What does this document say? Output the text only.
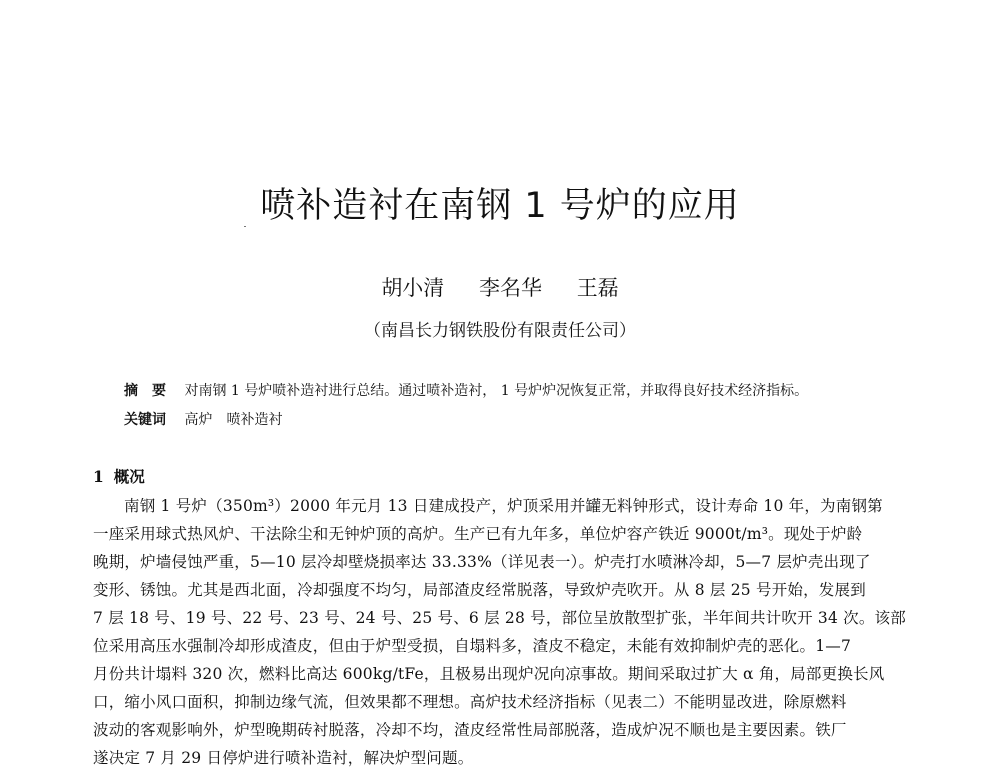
喷补造衬在南钢 1 号炉的应用
胡小清 李名华 王磊
（南昌长力钢铁股份有限责任公司）
摘要 对南钢 1 号炉喷补造衬进行总结。通过喷补造衬， 1 号炉炉况恢复正常，并取得良好技术经济指标。
关键词 高炉　喷补造衬
1 概况
南钢 1 号炉（350m³）2000 年元月 13 日建成投产，炉顶采用并罐无料钟形式，设计寿命 10 年，为南钢第
一座采用球式热风炉、干法除尘和无钟炉顶的高炉。生产已有九年多，单位炉容产铁近 9000t/m³。现处于炉龄
晚期，炉墙侵蚀严重，5—10 层冷却壁烧损率达 33.33%（详见表一）。炉壳打水喷淋冷却，5—7 层炉壳出现了
变形、锈蚀。尤其是西北面，冷却强度不均匀，局部渣皮经常脱落，导致炉壳吹开。从 8 层 25 号开始，发展到
7 层 18 号、19 号、22 号、23 号、24 号、25 号、6 层 28 号，部位呈放散型扩张，半年间共计吹开 34 次。该部
位采用高压水强制冷却形成渣皮，但由于炉型受损，自塌料多，渣皮不稳定，未能有效抑制炉壳的恶化。1—7
月份共计塌料 320 次，燃料比高达 600kg/tFe，且极易出现炉况向凉事故。期间采取过扩大 α 角，局部更换长风
口，缩小风口面积，抑制边缘气流，但效果都不理想。高炉技术经济指标（见表二）不能明显改进，除原燃料
波动的客观影响外，炉型晚期砖衬脱落，冷却不均，渣皮经常性局部脱落，造成炉况不顺也是主要因素。铁厂
遂决定 7 月 29 日停炉进行喷补造衬，解决炉型问题。
